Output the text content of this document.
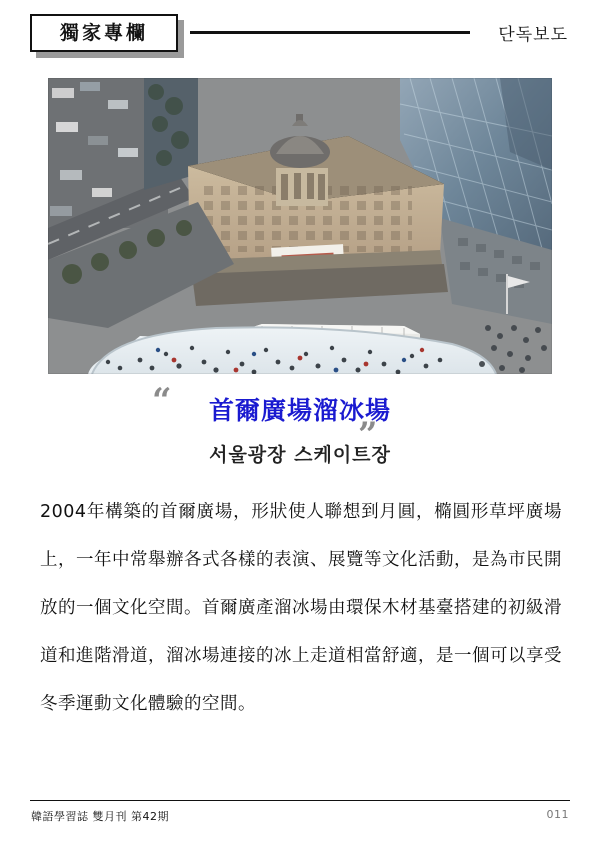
獨家專欄	단독보도
“
”
首爾廣場溜冰場
서울광장 스케이트장
2004年構築的首爾廣場，形狀使人聯想到月圓，橢圓形草坪廣場上，一年中常舉辦各式各樣的表演、展覽等文化活動，是為市民開放的一個文化空間。首爾廣產溜冰場由環保木材基臺搭建的初級滑道和進階滑道，溜冰場連接的冰上走道相當舒適，是一個可以享受冬季運動文化體驗的空間。
韓語學習誌 雙月刊 第42期	011
